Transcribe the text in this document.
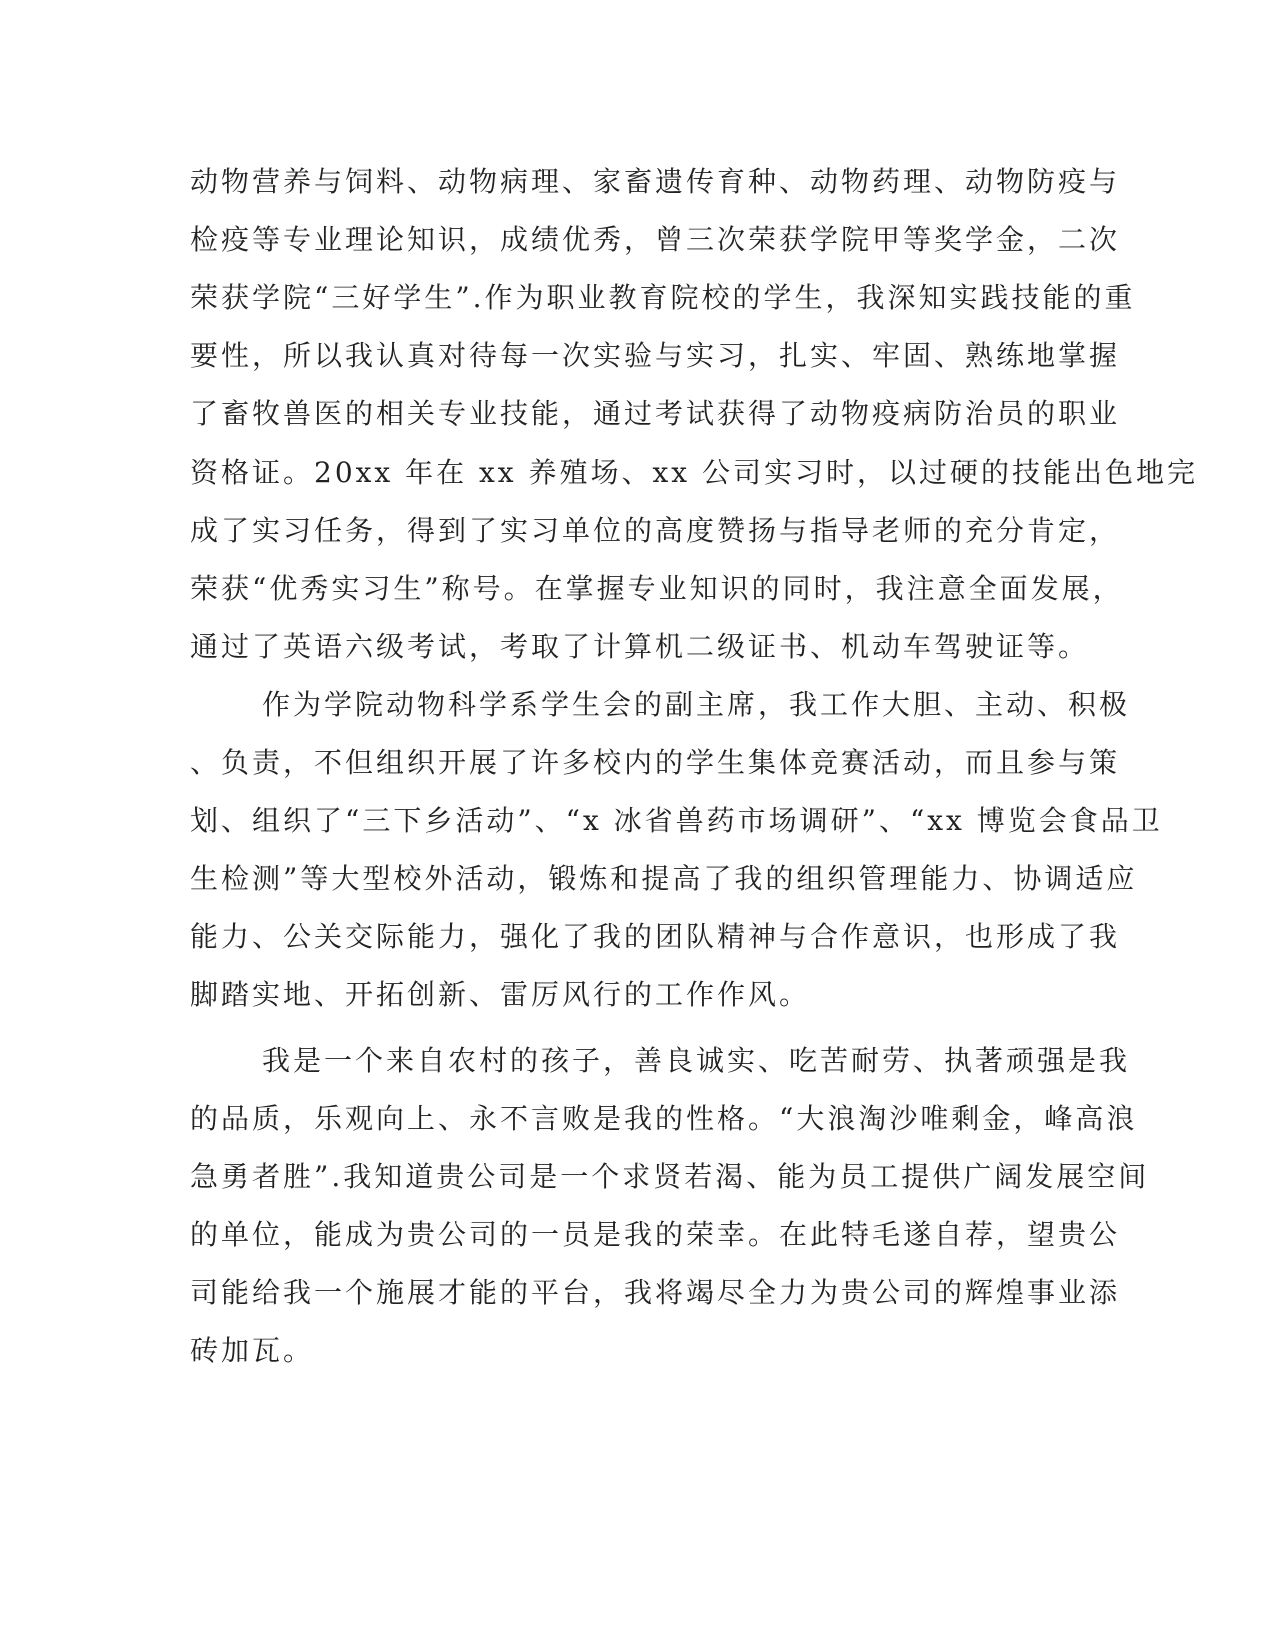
动物营养与饲料、动物病理、家畜遗传育种、动物药理、动物防疫与
检疫等专业理论知识，成绩优秀，曾三次荣获学院甲等奖学金，二次
荣获学院“三好学生”.作为职业教育院校的学生，我深知实践技能的重
要性，所以我认真对待每一次实验与实习，扎实、牢固、熟练地掌握
了畜牧兽医的相关专业技能，通过考试获得了动物疫病防治员的职业
资格证。20xx 年在 xx 养殖场、xx 公司实习时，以过硬的技能出色地完
成了实习任务，得到了实习单位的高度赞扬与指导老师的充分肯定，
荣获“优秀实习生”称号。在掌握专业知识的同时，我注意全面发展，
通过了英语六级考试，考取了计算机二级证书、机动车驾驶证等。
作为学院动物科学系学生会的副主席，我工作大胆、主动、积极
、负责，不但组织开展了许多校内的学生集体竞赛活动，而且参与策
划、组织了“三下乡活动”、“x 冰省兽药市场调研”、“xx 博览会食品卫
生检测”等大型校外活动，锻炼和提高了我的组织管理能力、协调适应
能力、公关交际能力，强化了我的团队精神与合作意识，也形成了我
脚踏实地、开拓创新、雷厉风行的工作作风。
我是一个来自农村的孩子，善良诚实、吃苦耐劳、执著顽强是我
的品质，乐观向上、永不言败是我的性格。“大浪淘沙唯剩金，峰高浪
急勇者胜”.我知道贵公司是一个求贤若渴、能为员工提供广阔发展空间
的单位，能成为贵公司的一员是我的荣幸。在此特毛遂自荐，望贵公
司能给我一个施展才能的平台，我将竭尽全力为贵公司的辉煌事业添
砖加瓦。
